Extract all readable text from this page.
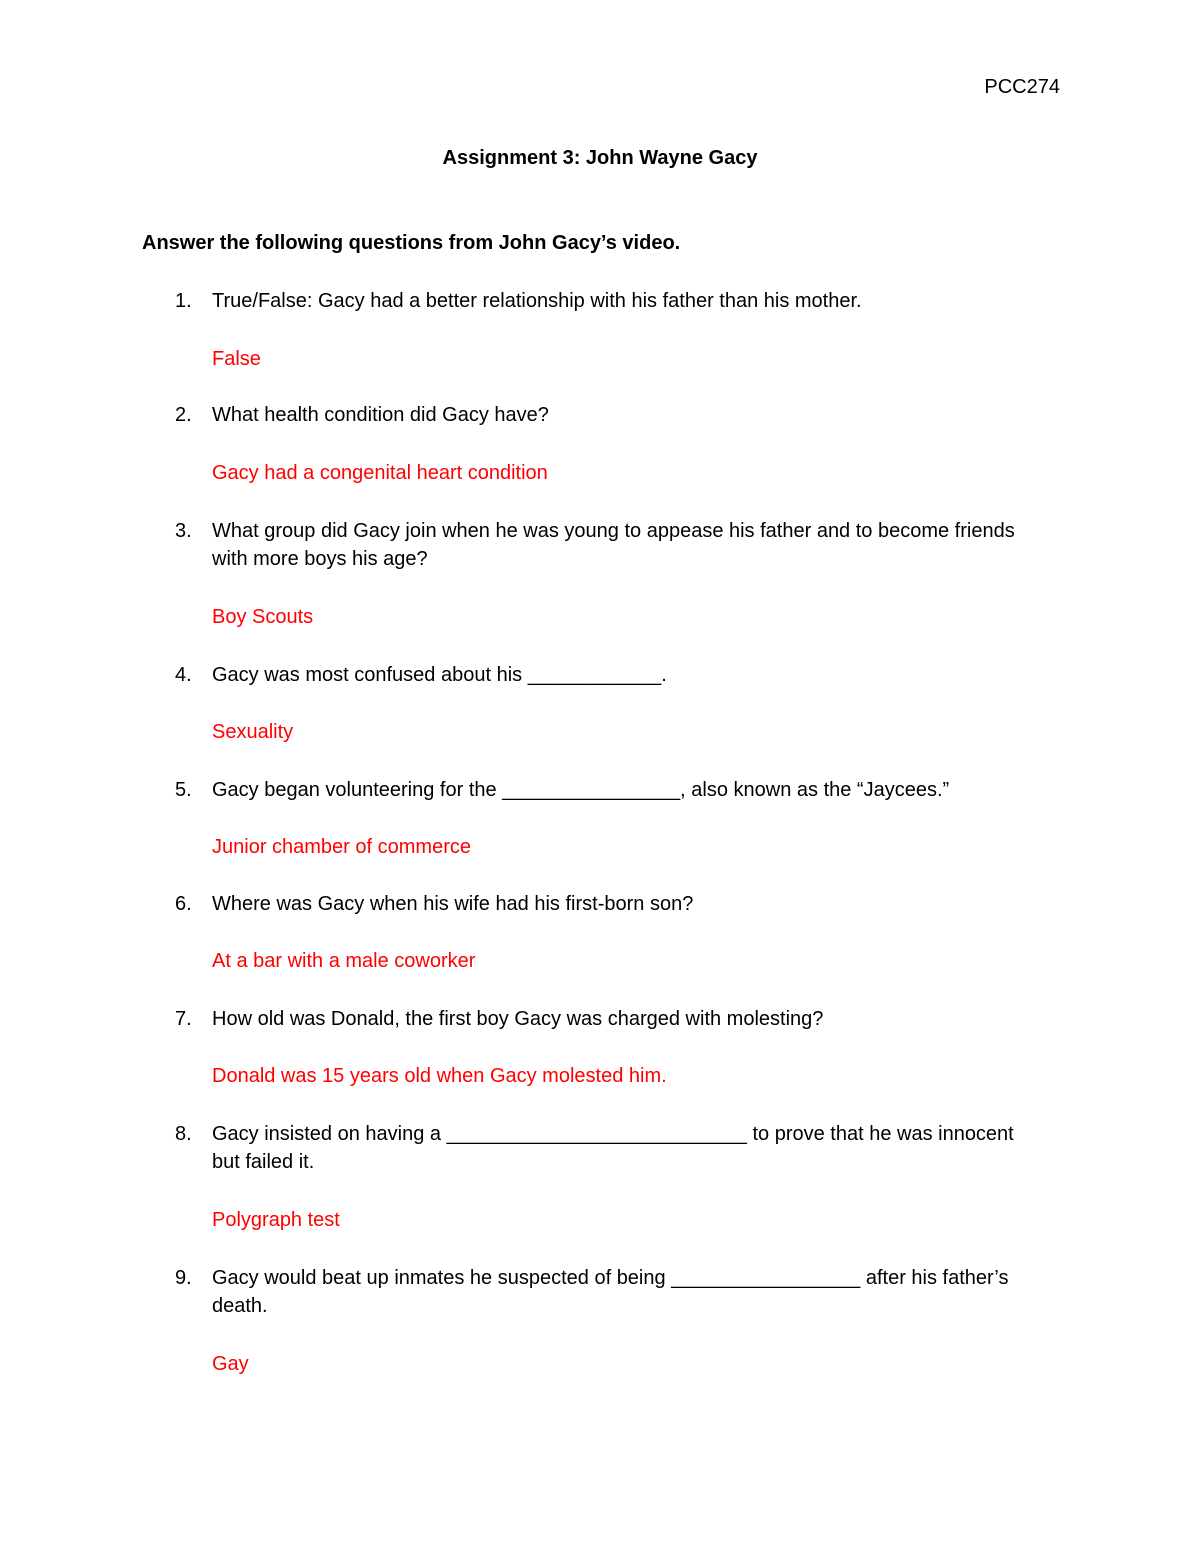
PCC274
Assignment 3: John Wayne Gacy
Answer the following questions from John Gacy’s video.
1.	True/False: Gacy had a better relationship with his father than his mother.
False
2.	What health condition did Gacy have?
Gacy had a congenital heart condition
3.	What group did Gacy join when he was young to appease his father and to become friends with more boys his age?
Boy Scouts
4.	Gacy was most confused about his ____________.
Sexuality
5.	Gacy began volunteering for the ________________, also known as the “Jaycees.”
Junior chamber of commerce
6.	Where was Gacy when his wife had his first-born son?
At a bar with a male coworker
7.	How old was Donald, the first boy Gacy was charged with molesting?
Donald was 15 years old when Gacy molested him.
8.	Gacy insisted on having a ___________________________ to prove that he was innocent but failed it.
Polygraph test
9.	Gacy would beat up inmates he suspected of being _________________ after his father’s death.
Gay
